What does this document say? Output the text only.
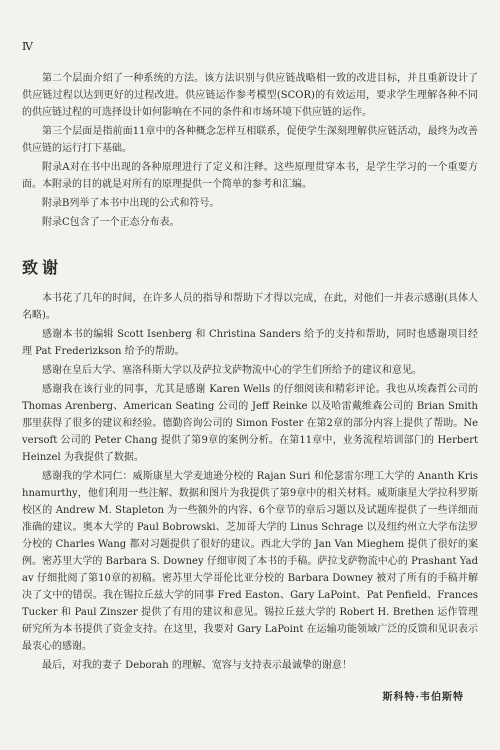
Ⅳ

第二个层面介绍了一种系统的方法。该方法识别与供应链战略相一致的改进目标，并且重新设计了供应链过程以达到更好的过程改进。供应链运作参考模型(SCOR)的有效运用，要求学生理解各种不同的供应链过程的可选择设计如何影响在不同的条件和市场环境下供应链的运作。

第三个层面是指前面11章中的各种概念怎样互相联系，促使学生深刻理解供应链活动，最终为改善供应链的运行打下基础。

附录A对在书中出现的各种原理进行了定义和注释。这些原理贯穿本书，是学生学习的一个重要方面。本附录的目的就是对所有的原理提供一个简单的参考和汇编。

附录B列举了本书中出现的公式和符号。

附录C包含了一个正态分布表。

致谢

本书花了几年的时间，在许多人员的指导和帮助下才得以完成，在此，对他们一并表示感谢(具体人名略)。

感谢本书的编辑 Scott Isenberg 和 Christina Sanders 给予的支持和帮助，同时也感谢项目经理 Pat Frederizkson 给予的帮助。

感谢在皇后大学、塞洛科斯大学以及萨拉戈萨物流中心的学生们所给予的建议和意见。

感谢我在该行业的同事，尤其是感谢 Karen Wells 的仔细阅读和精彩评论。我也从埃森哲公司的 Thomas Arenberg、American Seating 公司的 Jeff Reinke 以及哈雷戴维森公司的 Brian Smith 那里获得了很多的建议和经验。德勤咨询公司的 Simon Foster 在第2章的部分内容上提供了帮助。Neversoft 公司的 Peter Chang 提供了第9章的案例分析。在第11章中，业务流程培训部门的 Herbert Heinzel 为我提供了数据。

感谢我的学术同仁：威斯康星大学麦迪逊分校的 Rajan Suri 和伦瑟雷尔理工大学的 Ananth Krishnamurthy，他们利用一些注解、数据和图片为我提供了第9章中的相关材料。威斯康星大学拉科罗斯校区的 Andrew M. Stapleton 为一些额外的内容、6个章节的章后习题以及试题库提供了一些详细而准确的建议。奥本大学的 Paul Bobrowski、芝加哥大学的 Linus Schrage 以及纽约州立大学布法罗分校的 Charles Wang 都对习题提供了很好的建议。西北大学的 Jan Van Mieghem 提供了很好的案例。密苏里大学的 Barbara S. Downey 仔细审阅了本书的手稿。萨拉戈萨物流中心的 Prashant Yadav 仔细批阅了第10章的初稿。密苏里大学哥伦比亚分校的 Barbara Downey 被对了所有的手稿并解决了文中的错误。我在锡拉丘兹大学的同事 Fred Easton、Gary LaPoint、Pat Penfield、Frances Tucker 和 Paul Zinszer 提供了有用的建议和意见。锡拉丘兹大学的 Robert H. Brethen 运作管理研究所为本书提供了资金支持。在这里，我要对 Gary LaPoint 在运输功能领域广泛的反馈和见识表示最衷心的感谢。

最后，对我的妻子 Deborah 的理解、宽容与支持表示最诚挚的谢意！

斯科特·韦伯斯特
